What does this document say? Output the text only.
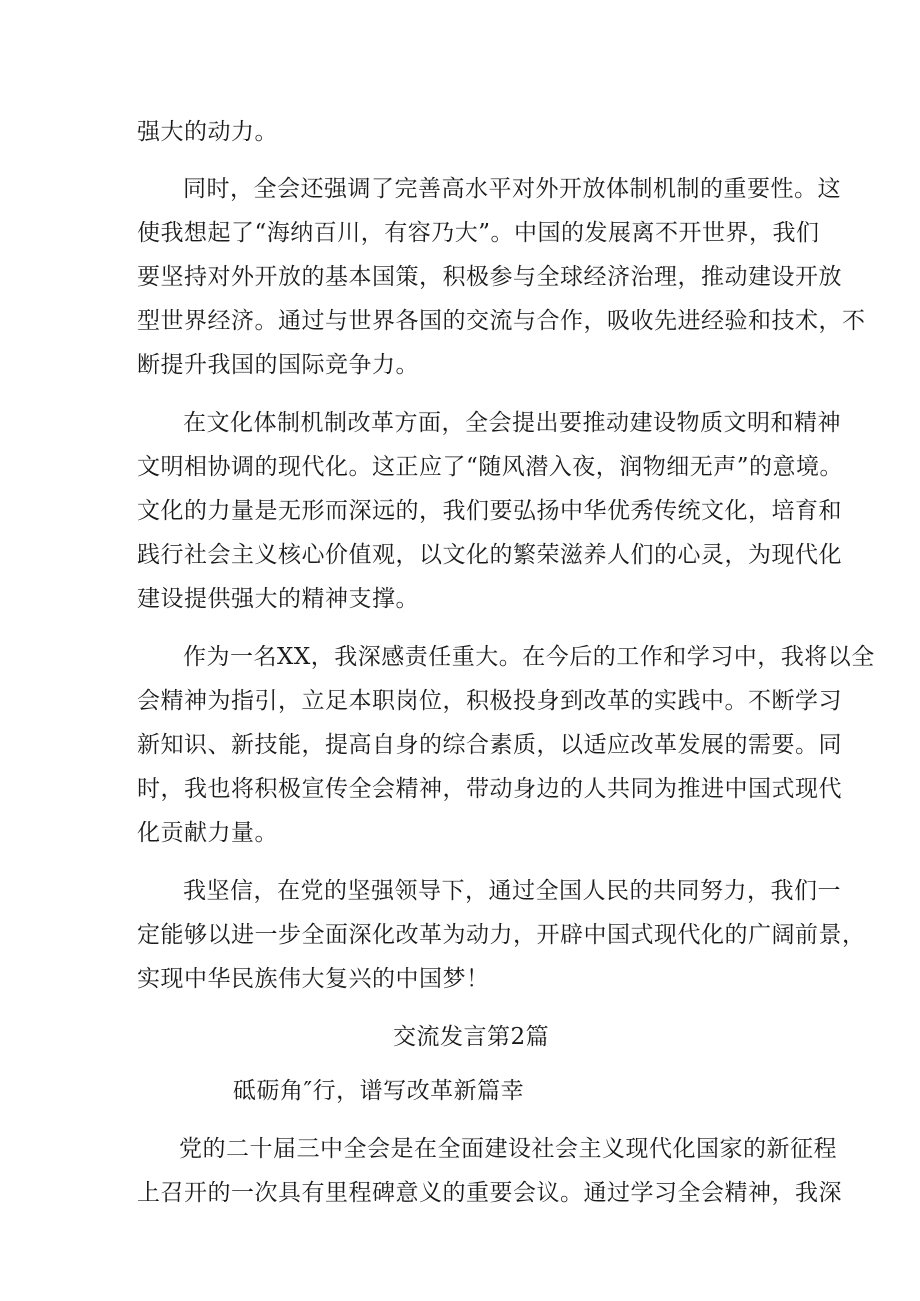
强大的动力。
同时，全会还强调了完善高水平对外开放体制机制的重要性。这
使我想起了“海纳百川，有容乃大”。中国的发展离不开世界，我们
要坚持对外开放的基本国策，积极参与全球经济治理，推动建设开放
型世界经济。通过与世界各国的交流与合作，吸收先进经验和技术，不
断提升我国的国际竞争力。
在文化体制机制改革方面，全会提出要推动建设物质文明和精神
文明相协调的现代化。这正应了“随风潜入夜，润物细无声”的意境。
文化的力量是无形而深远的，我们要弘扬中华优秀传统文化，培育和
践行社会主义核心价值观，以文化的繁荣滋养人们的心灵，为现代化
建设提供强大的精神支撑。
作为一名XX，我深感责任重大。在今后的工作和学习中，我将以全
会精神为指引，立足本职岗位，积极投身到改革的实践中。不断学习
新知识、新技能，提高自身的综合素质，以适应改革发展的需要。同
时，我也将积极宣传全会精神，带动身边的人共同为推进中国式现代
化贡献力量。
我坚信，在党的坚强领导下，通过全国人民的共同努力，我们一
定能够以进一步全面深化改革为动力，开辟中国式现代化的广阔前景，
实现中华民族伟大复兴的中国梦！
交流发言第2篇
砥砺角″行，谱写改革新篇幸
党的二十届三中全会是在全面建设社会主义现代化国家的新征程
上召开的一次具有里程碑意义的重要会议。通过学习全会精神，我深
